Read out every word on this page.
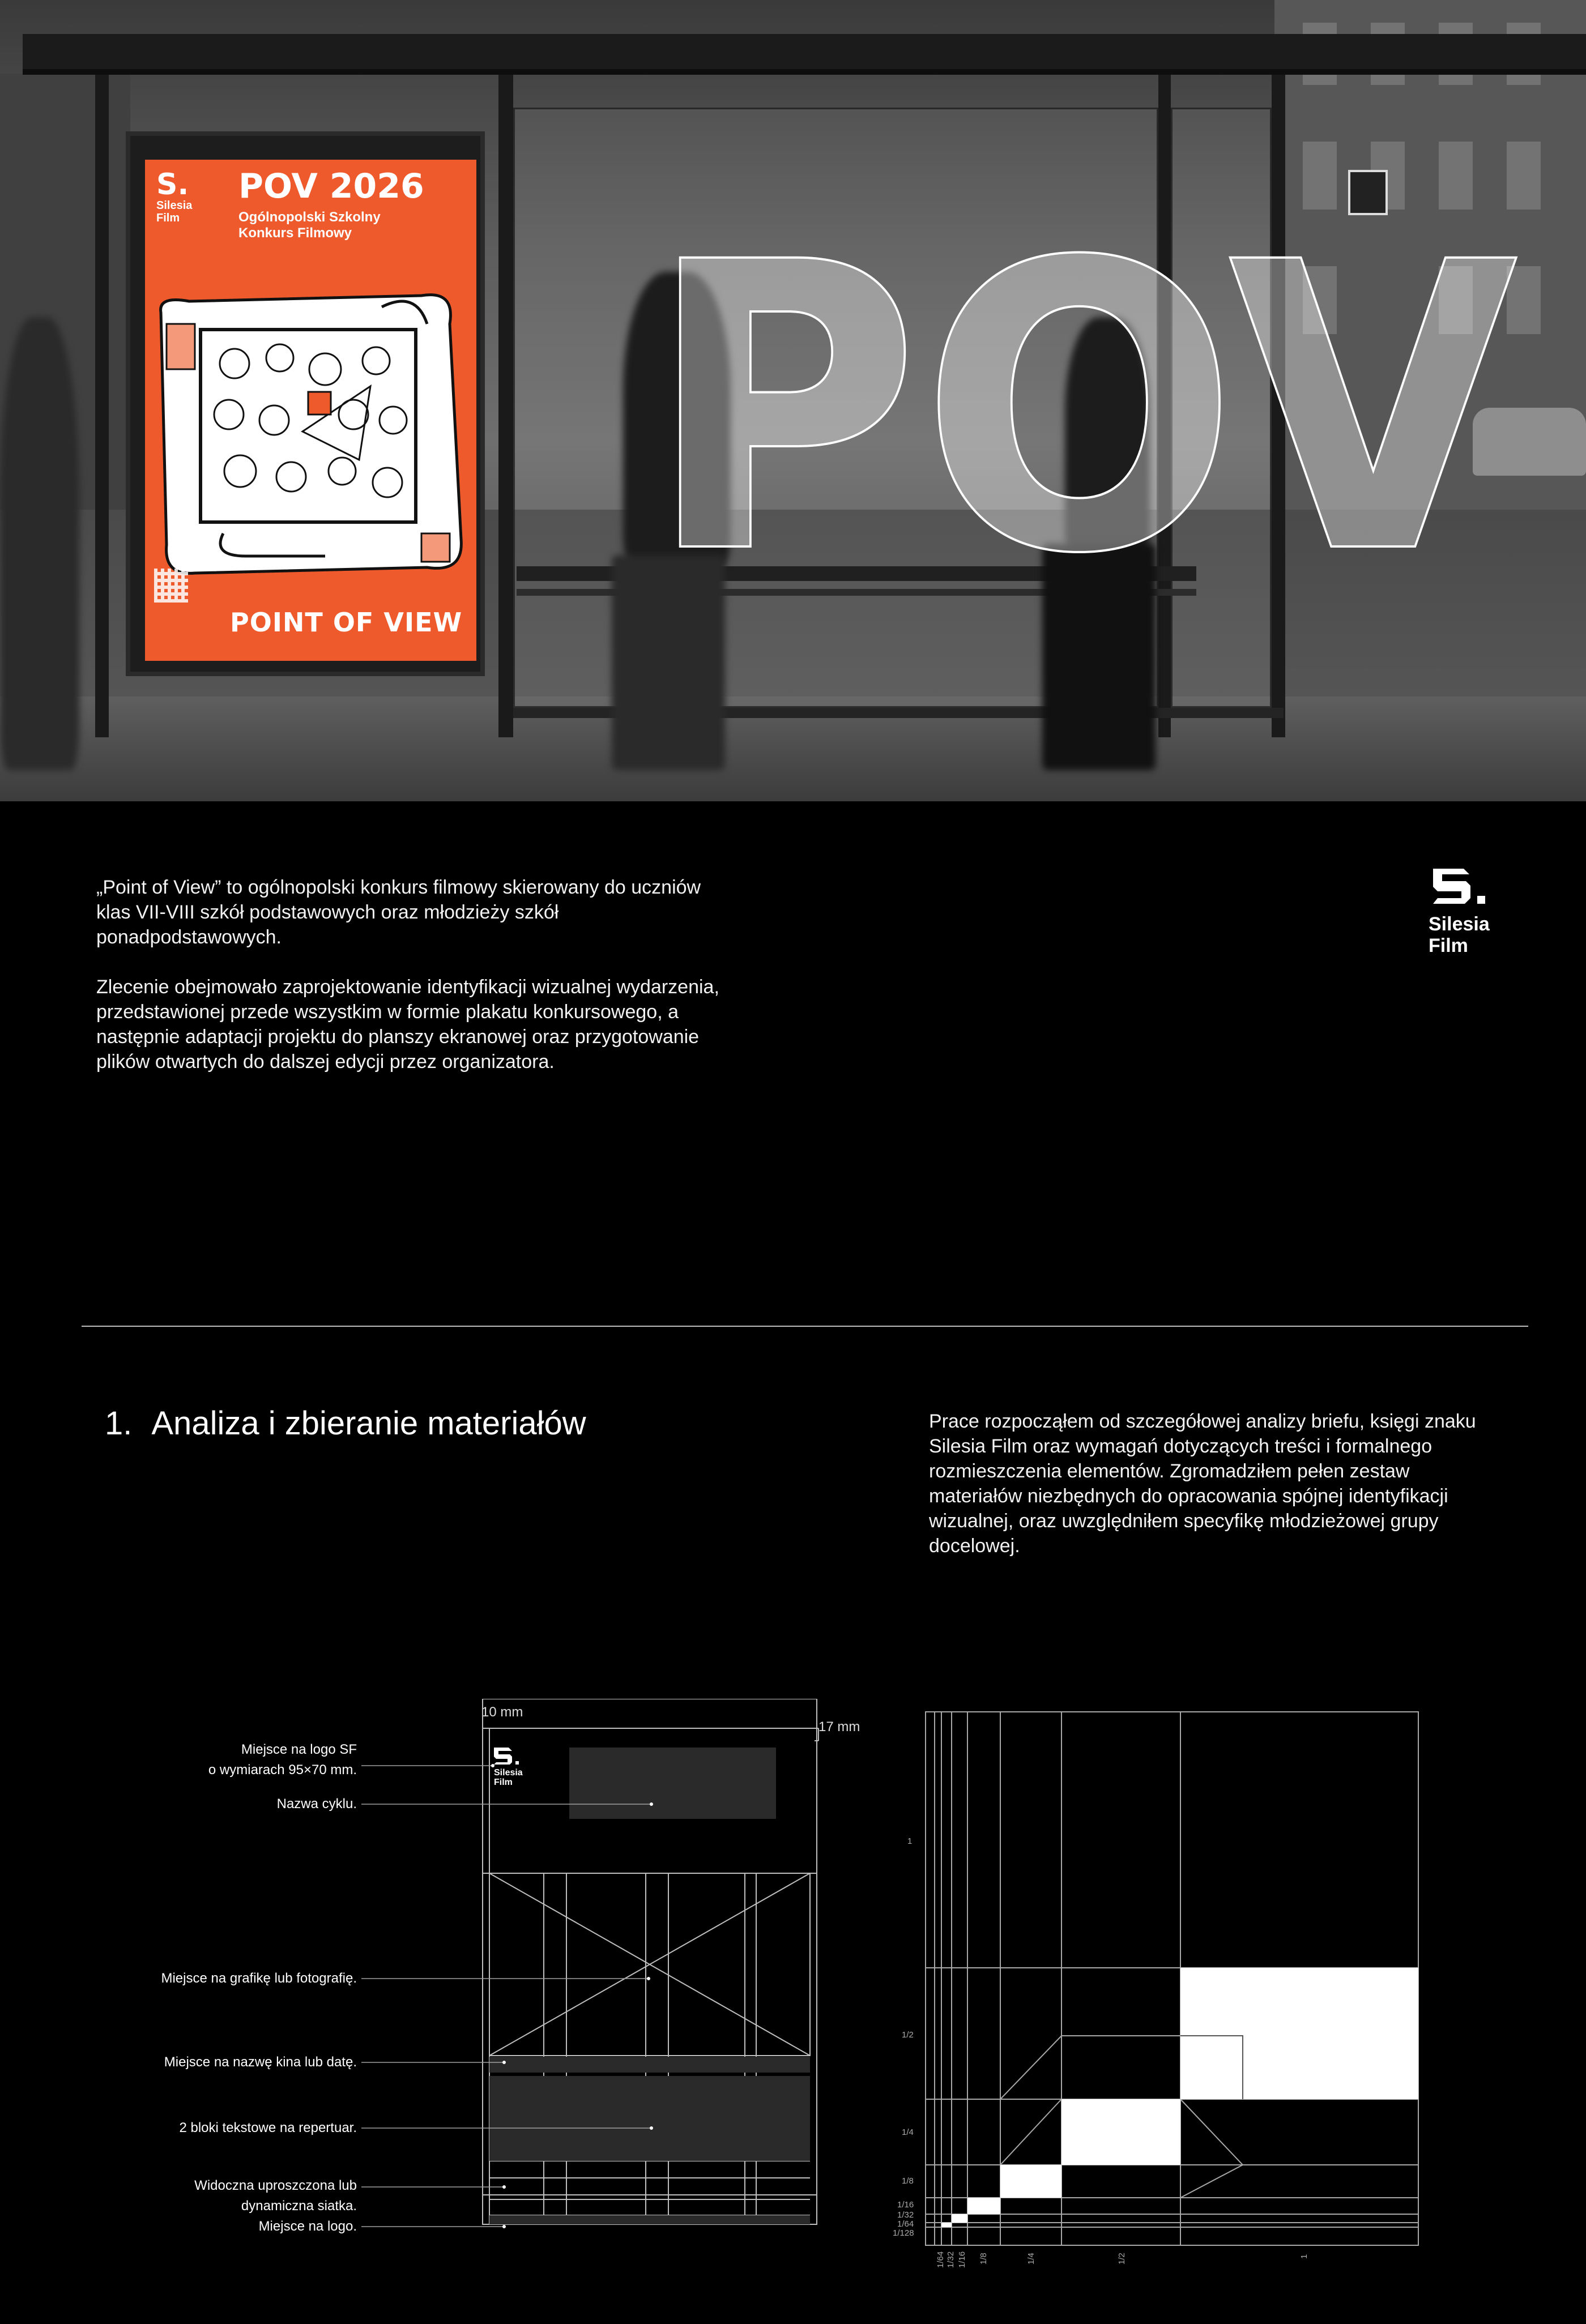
POV
S.
Silesia
Film
POV 2026
Ogólnopolski Szkolny
Konkurs Filmowy

POINT OF VIEW

„Point of View” to ogólnopolski konkurs filmowy skierowany do uczniów klas VII-VIII szkół podstawowych oraz młodzieży szkół ponadpodstawowych.

Zlecenie obejmowało zaprojektowanie identyfikacji wizualnej wydarzenia, przedstawionej przede wszystkim w formie plakatu konkursowego, a następnie adaptacji projektu do planszy ekranowej oraz przygotowanie plików otwartych do dalszej edycji przez organizatora.

Silesia
Film
1. Analiza i zbieranie materiałów	Prace rozpocząłem od szczegółowej analizy briefu, księgi znaku Silesia Film oraz wymagań dotyczących treści i formalnego rozmieszczenia elementów. Zgromadziłem pełen zestaw materiałów niezbędnych do opracowania spójnej identyfikacji wizualnej, oraz uwzględniłem specyfikę młodzieżowej grupy docelowej.
Miejsce na logo SF
o wymiarach 95×70 mm.
Nazwa cyklu.
Miejsce na grafikę lub fotografię.
Miejsce na nazwę kina lub datę.
2 bloki tekstowe na repertuar.
Widoczna uproszczona lub
dynamiczna siatka.
Miejsce na logo.
10 mm
17 mm
Silesia
Film
1
1/2
1/4
1/8
1/16
1/32
1/64
1/128
1/64 1/32 1/16 1/8	1/4	1/2	1
